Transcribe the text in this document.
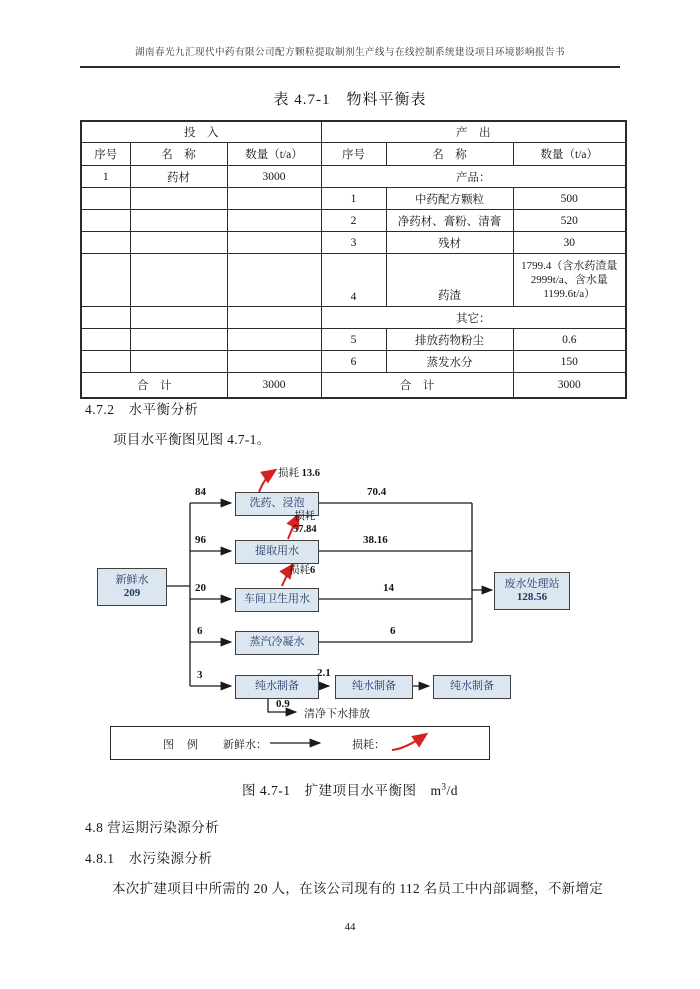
湖南春光九汇现代中药有限公司配方颗粒提取制剂生产线与在线控制系统建设项目环境影响报告书
表 4.7-1　物料平衡表
投　入			产　出		
序号	名　称	数量（t/a）	序号	名　称	数量（t/a）
1	药材	3000	产品：		
			1	中药配方颗粒	500
			2	净药材、膏粉、清膏	520
			3	残材	30
			4	药渣	1799.4（含水药渣量 2999t/a、含水量 1199.6t/a）
			其它：		
			5	排放药物粉尘	0.6
			6	蒸发水分	150
合　计		3000	合　计		3000
4.7.2　水平衡分析
项目水平衡图见图 4.7-1。
新鲜水
209
洗药、浸泡
提取用水
车间卫生用水
蒸汽冷凝水
纯水制备	纯水制备	纯水制备
废水处理站
128.56
84	70.4
96	38.16
20	14
6	6
3	2.1
0.9
清净下水排放
损耗 13.6
损耗
57.84
损耗6
图　例 新鲜水：	损耗：
图 4.7-1　扩建项目水平衡图　$m^3/d$
4.8 营运期污染源分析
4.8.1　水污染源分析
本次扩建项目中所需的 20 人，在该公司现有的 112 名员工中内部调整，不新增定
44
